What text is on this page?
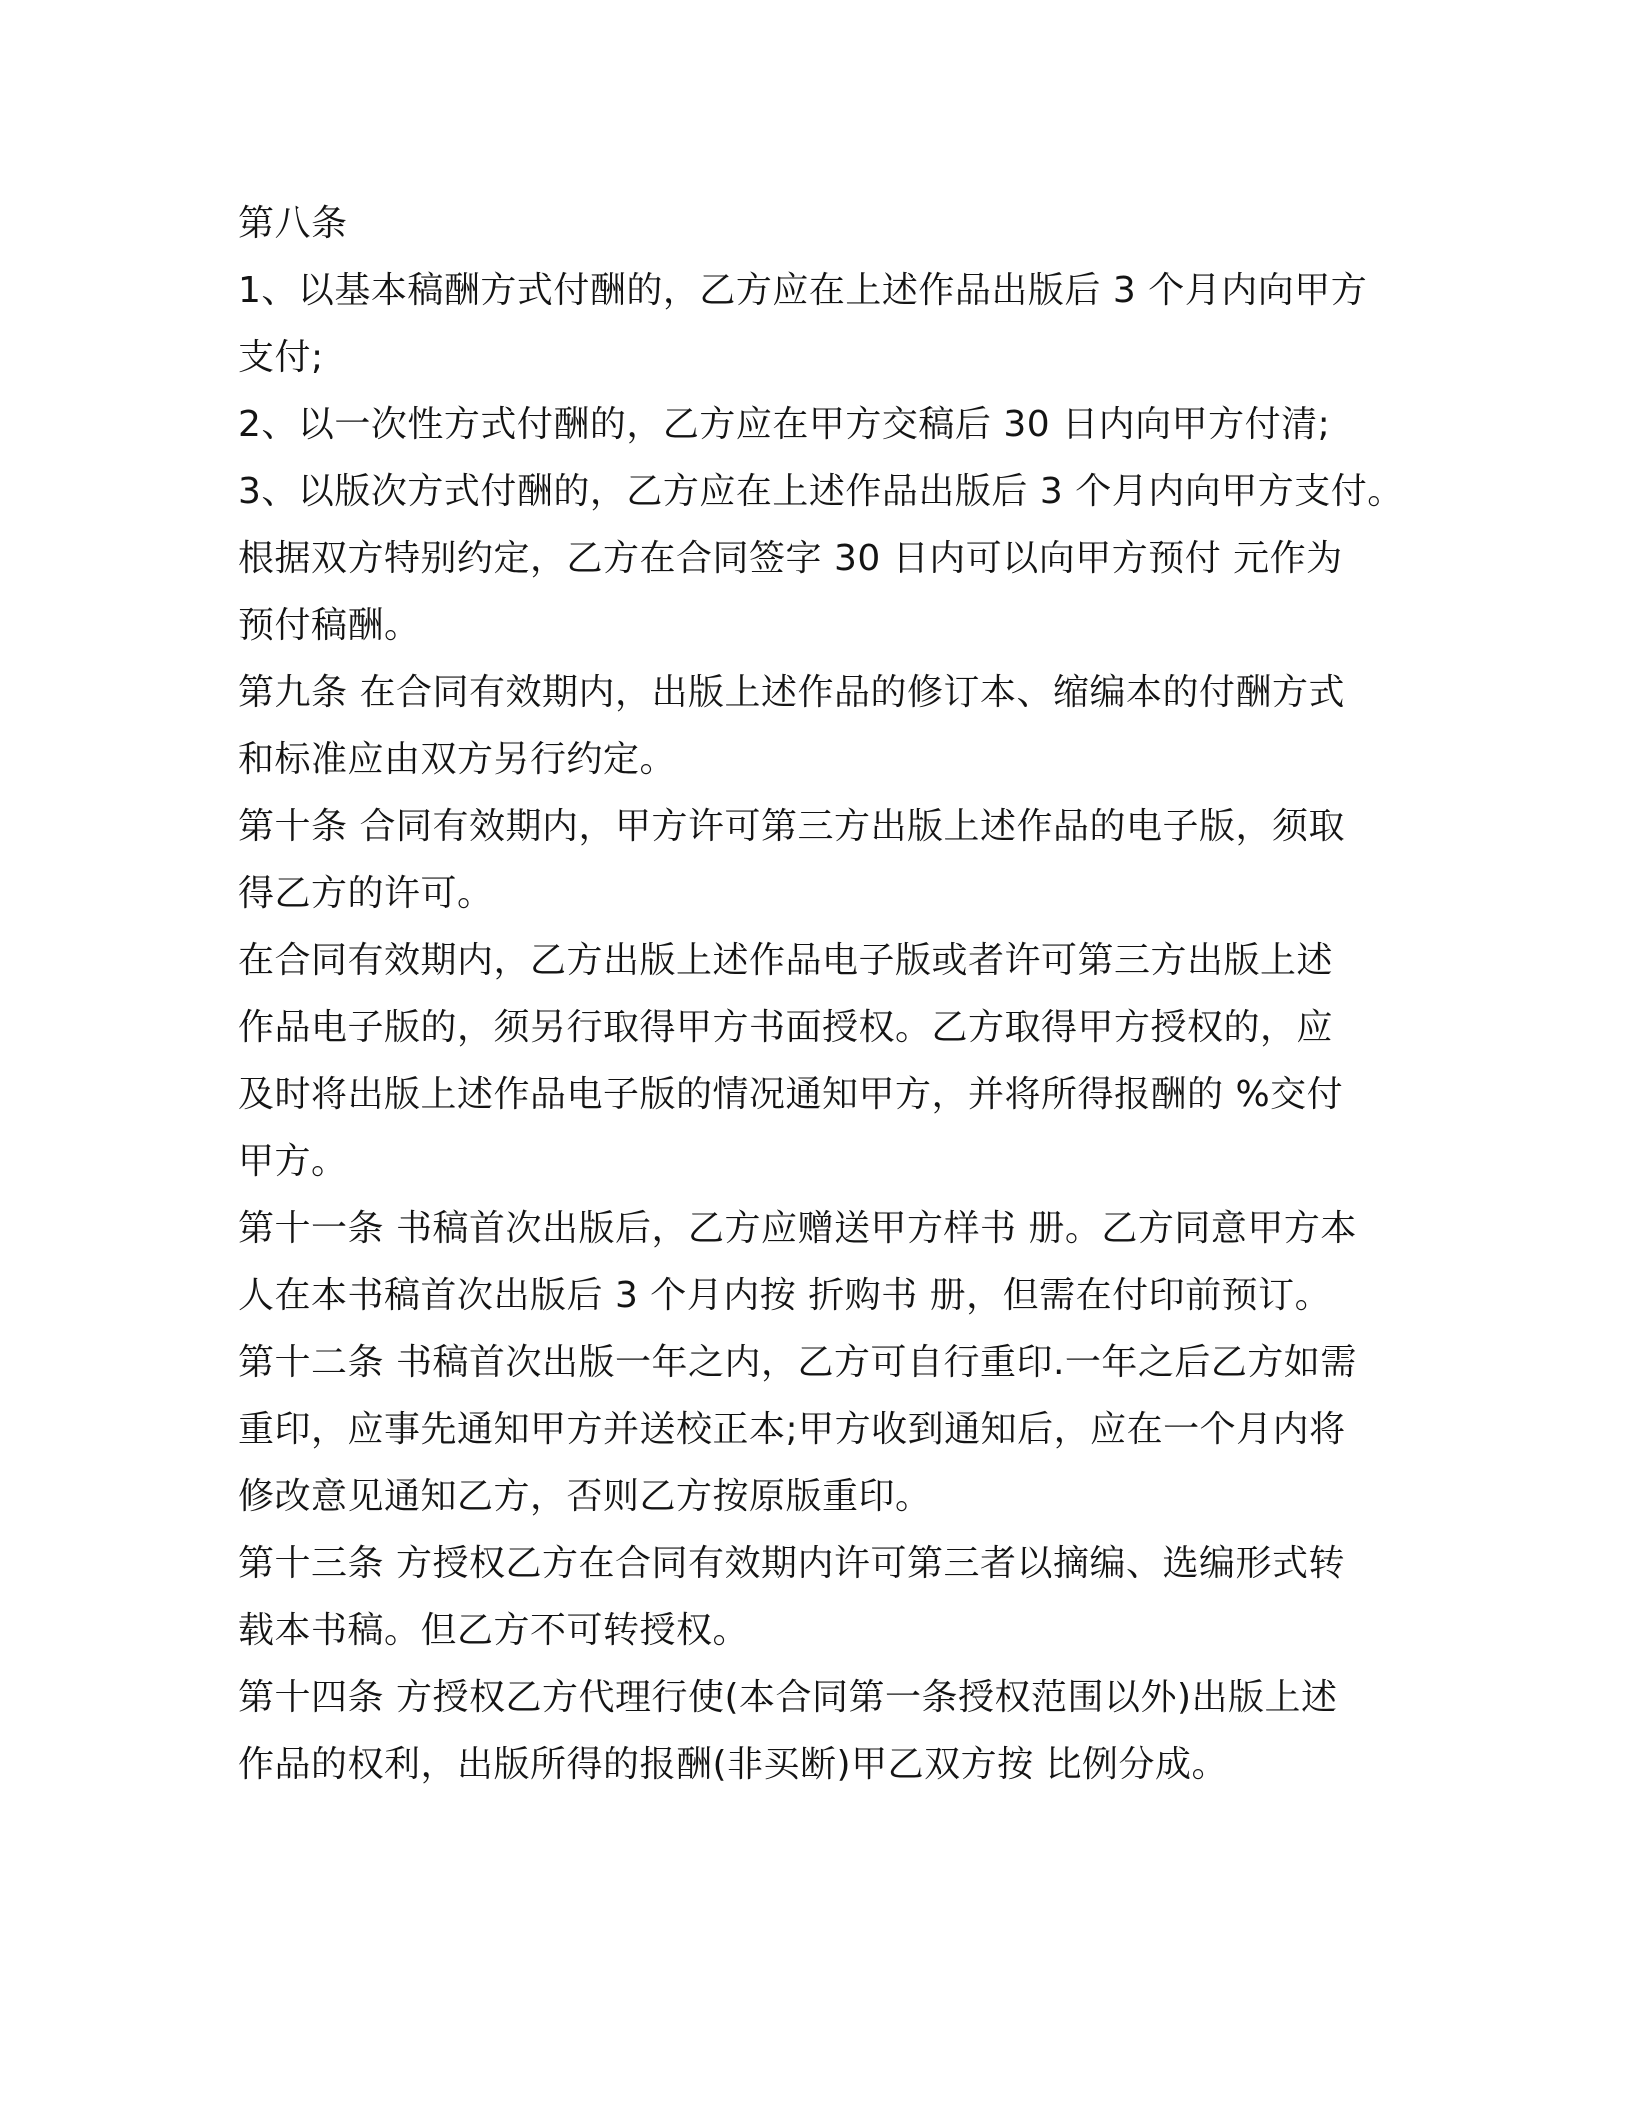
第八条
1、以基本稿酬方式付酬的，乙方应在上述作品出版后 3 个月内向甲方
支付;
2、以一次性方式付酬的，乙方应在甲方交稿后 30 日内向甲方付清;
3、以版次方式付酬的，乙方应在上述作品出版后 3 个月内向甲方支付。
根据双方特别约定，乙方在合同签字 30 日内可以向甲方预付 元作为
预付稿酬。
第九条 在合同有效期内，出版上述作品的修订本、缩编本的付酬方式
和标准应由双方另行约定。
第十条 合同有效期内，甲方许可第三方出版上述作品的电子版，须取
得乙方的许可。
在合同有效期内，乙方出版上述作品电子版或者许可第三方出版上述
作品电子版的，须另行取得甲方书面授权。乙方取得甲方授权的，应
及时将出版上述作品电子版的情况通知甲方，并将所得报酬的 %交付
甲方。
第十一条 书稿首次出版后，乙方应赠送甲方样书 册。乙方同意甲方本
人在本书稿首次出版后 3 个月内按 折购书 册，但需在付印前预订。
第十二条 书稿首次出版一年之内，乙方可自行重印.一年之后乙方如需
重印，应事先通知甲方并送校正本;甲方收到通知后，应在一个月内将
修改意见通知乙方，否则乙方按原版重印。
第十三条 方授权乙方在合同有效期内许可第三者以摘编、选编形式转
载本书稿。但乙方不可转授权。
第十四条 方授权乙方代理行使(本合同第一条授权范围以外)出版上述
作品的权利，出版所得的报酬(非买断)甲乙双方按 比例分成。
